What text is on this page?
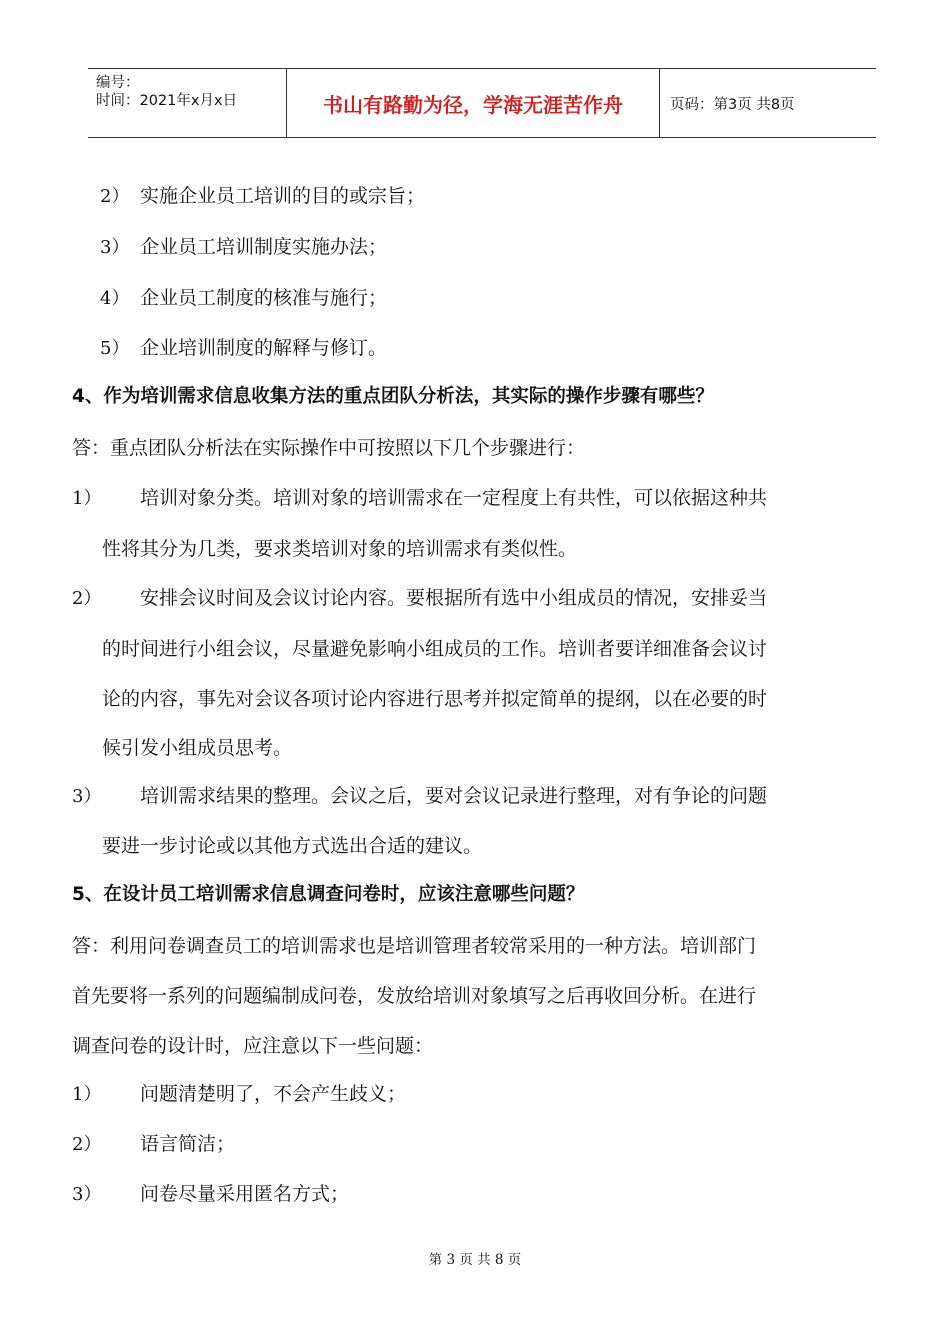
编号：
时间：2021年x月x日	书山有路勤为径，学海无涯苦作舟	页码：第3页 共8页
2） 实施企业员工培训的目的或宗旨；
3） 企业员工培训制度实施办法；
4） 企业员工制度的核准与施行；
5） 企业培训制度的解释与修订。
4、作为培训需求信息收集方法的重点团队分析法，其实际的操作步骤有哪些？
答：重点团队分析法在实际操作中可按照以下几个步骤进行：
1） 培训对象分类。培训对象的培训需求在一定程度上有共性，可以依据这种共
性将其分为几类，要求类培训对象的培训需求有类似性。
2） 安排会议时间及会议讨论内容。要根据所有选中小组成员的情况，安排妥当
的时间进行小组会议，尽量避免影响小组成员的工作。培训者要详细准备会议讨
论的内容，事先对会议各项讨论内容进行思考并拟定简单的提纲，以在必要的时
候引发小组成员思考。
3） 培训需求结果的整理。会议之后，要对会议记录进行整理，对有争论的问题
要进一步讨论或以其他方式选出合适的建议。
5、在设计员工培训需求信息调查问卷时，应该注意哪些问题？
答：利用问卷调查员工的培训需求也是培训管理者较常采用的一种方法。培训部门
首先要将一系列的问题编制成问卷，发放给培训对象填写之后再收回分析。在进行
调查问卷的设计时，应注意以下一些问题：
1） 问题清楚明了，不会产生歧义；
2） 语言简洁；
3） 问卷尽量采用匿名方式；
第 3 页 共 8 页
